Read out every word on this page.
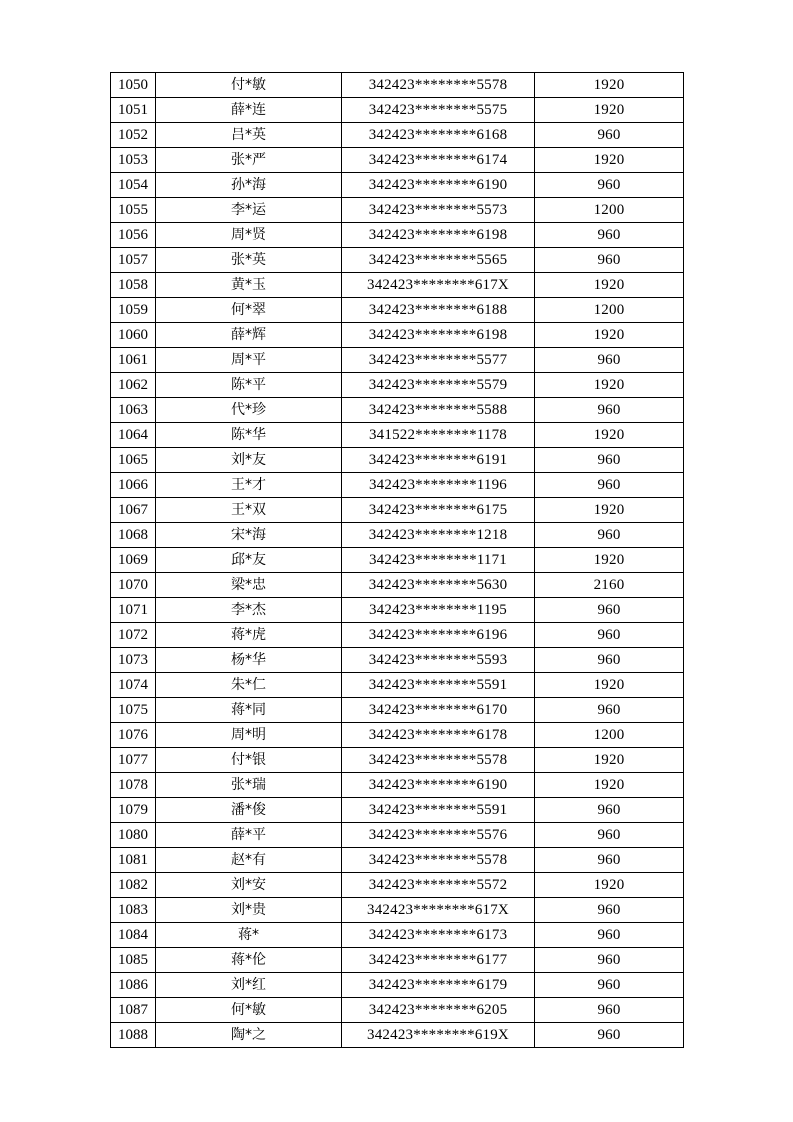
1050	付*敏	342423********5578	1920
1051	薛*连	342423********5575	1920
1052	吕*英	342423********6168	960
1053	张*严	342423********6174	1920
1054	孙*海	342423********6190	960
1055	李*运	342423********5573	1200
1056	周*贤	342423********6198	960
1057	张*英	342423********5565	960
1058	黄*玉	342423********617X	1920
1059	何*翠	342423********6188	1200
1060	薛*辉	342423********6198	1920
1061	周*平	342423********5577	960
1062	陈*平	342423********5579	1920
1063	代*珍	342423********5588	960
1064	陈*华	341522********1178	1920
1065	刘*友	342423********6191	960
1066	王*才	342423********1196	960
1067	王*双	342423********6175	1920
1068	宋*海	342423********1218	960
1069	邱*友	342423********1171	1920
1070	梁*忠	342423********5630	2160
1071	李*杰	342423********1195	960
1072	蒋*虎	342423********6196	960
1073	杨*华	342423********5593	960
1074	朱*仁	342423********5591	1920
1075	蒋*同	342423********6170	960
1076	周*明	342423********6178	1200
1077	付*银	342423********5578	1920
1078	张*瑞	342423********6190	1920
1079	潘*俊	342423********5591	960
1080	薛*平	342423********5576	960
1081	赵*有	342423********5578	960
1082	刘*安	342423********5572	1920
1083	刘*贵	342423********617X	960
1084	蒋*	342423********6173	960
1085	蒋*伦	342423********6177	960
1086	刘*红	342423********6179	960
1087	何*敏	342423********6205	960
1088	陶*之	342423********619X	960
